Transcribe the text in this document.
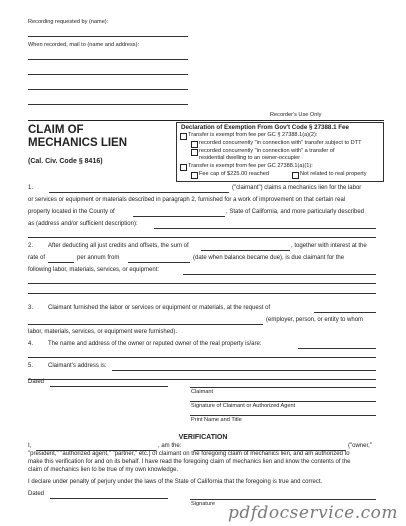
Recording requested by (name):
When recorded, mail to (name and address):
Recorder's Use Only
CLAIM OF
MECHANICS LIEN
(Cal. Civ. Code § 8416)
Declaration of Exemption From Gov't Code § 27388.1 Fee
Transfer is exempt from fee per GC § 27388.1(a)(2):
recorded concurrently "in connection with" transfer subject to DTT
recorded concurrently "in connection with" a transfer of
residential dwelling to an owner-occupier
Transfer is exempt from fee per GC 27388.1(a)(1):
Fee cap of $225.00 reached	Not related to real property
1.	("claimant") claims a mechanics lien for the labor
or services or equipment or materials described in paragraph 2, furnished for a work of improvement on that certain real
property located in the County of	, State of California, and more particularly described
as (address and/or sufficient description):
2. After deducting all just credits and offsets, the sum of	, together with interest at the
rate of	per annum from	(date when balance became due), is due claimant for the
following labor, materials, services, or equipment:
3. Claimant furnished the labor or services or equipment or materials, at the request of
(employer, person, or entity to whom
labor, materials, services, or equipment were furnished).
4. The name and address of the owner or reputed owner of the real property is/are:
5. Claimant's address is:
Dated
Claimant
Signature of Claimant or Authorized Agent
Print Name and Title
VERIFICATION
I,	, am the:	("owner,"
"president," "authorized agent," "partner," etc.) of claimant on the foregoing claim of mechanics lien, and am authorized to
make this verification for and on its behalf. I have read the foregoing claim of mechanics lien and know the contents of the
claim of mechanics lien to be true of my own knowledge.
I declare under penalty of perjury under the laws of the State of California that the foregoing is true and correct.
Dated
Signature pdfdocservice.com
